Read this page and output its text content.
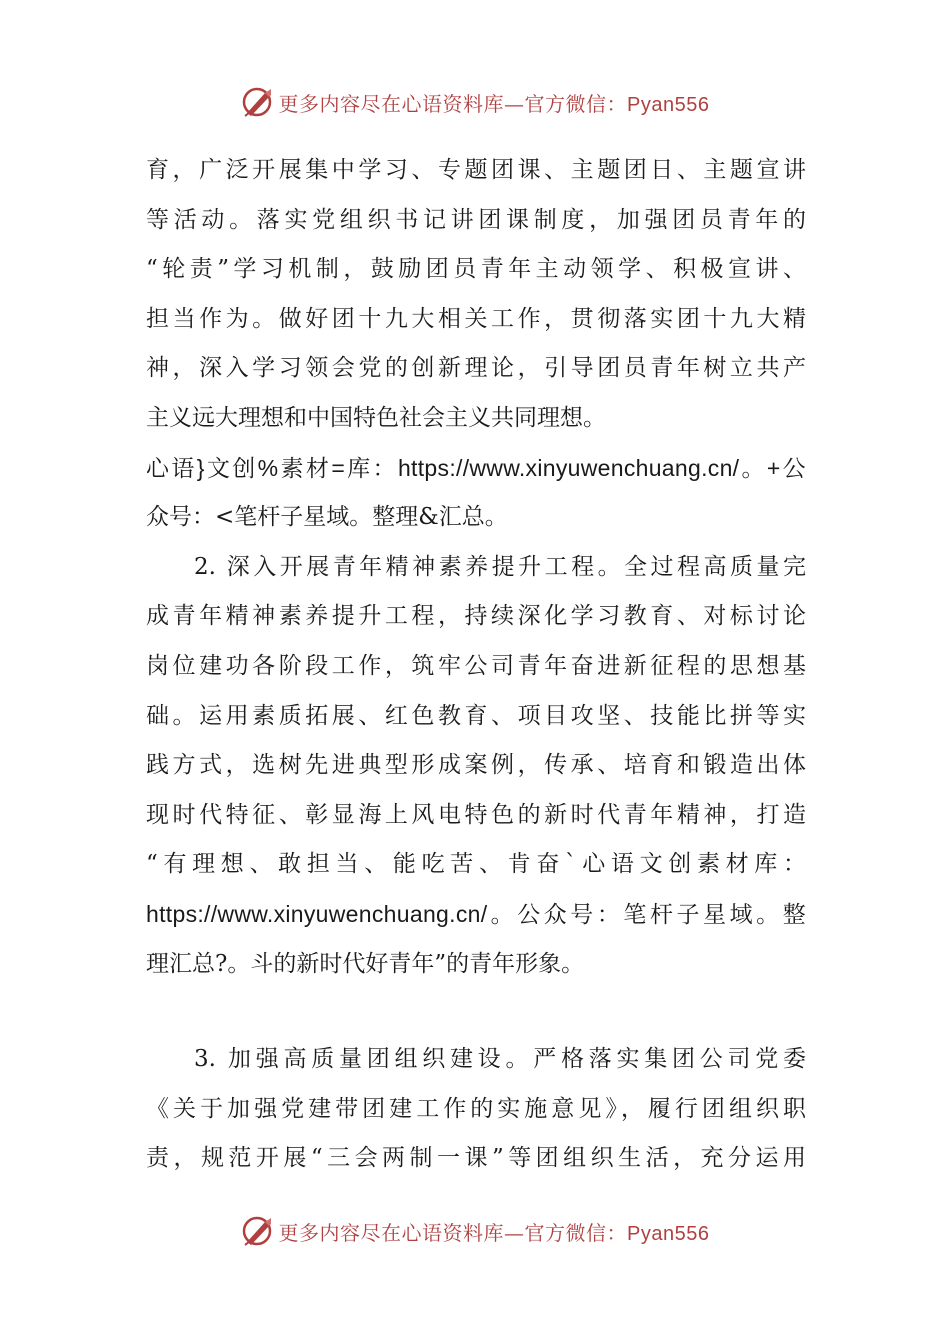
更多内容尽在心语资料库—官方微信：Pyan556
育，广泛开展集中学习、专题团课、主题团日、主题宣讲
等活动。落实党组织书记讲团课制度，加强团员青年的
“轮责”学习机制，鼓励团员青年主动领学、积极宣讲、
担当作为。做好团十九大相关工作，贯彻落实团十九大精
神，深入学习领会党的创新理论，引导团员青年树立共产
主义远大理想和中国特色社会主义共同理想。
心语}文创%素材=库：https://www.xinyuwenchuang.cn/。+公
众号：<笔杆子星域。整理&汇总。
2. 深入开展青年精神素养提升工程。全过程高质量完
成青年精神素养提升工程，持续深化学习教育、对标讨论
岗位建功各阶段工作，筑牢公司青年奋进新征程的思想基
础。运用素质拓展、红色教育、项目攻坚、技能比拼等实
践方式，选树先进典型形成案例，传承、培育和锻造出体
现时代特征、彰显海上风电特色的新时代青年精神，打造
“有理想、敢担当、能吃苦、肯奋`心语文创素材库：
https://www.xinyuwenchuang.cn/。公众号：笔杆子星域。整
理汇总?。斗的新时代好青年”的青年形象。
3. 加强高质量团组织建设。严格落实集团公司党委
《关于加强党建带团建工作的实施意见》，履行团组织职
责，规范开展“三会两制一课”等团组织生活，充分运用
更多内容尽在心语资料库—官方微信：Pyan556
